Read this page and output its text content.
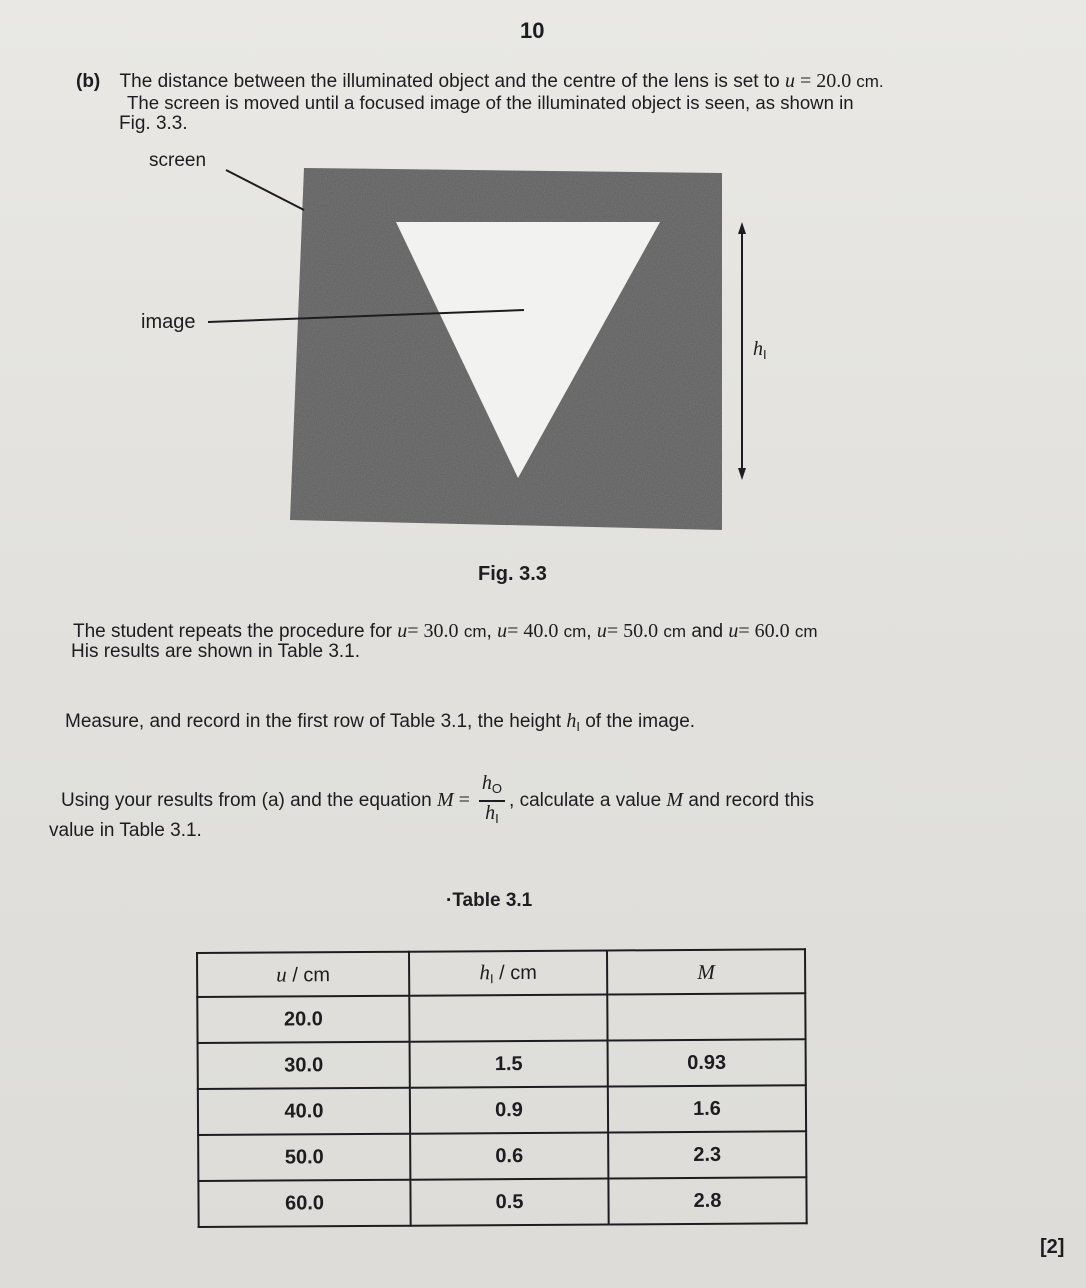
10
(b) The distance between the illuminated object and the centre of the lens is set to u = 20.0 cm.
The screen is moved until a focused image of the illuminated object is seen, as shown in
Fig. 3.3.
screen
image
$h_I$
Fig. 3.3
The student repeats the procedure for u= 30.0 cm, u= 40.0 cm, u= 50.0 cm and u= 60.0 cm
His results are shown in Table 3.1.
Measure, and record in the first row of Table 3.1, the height $h_I$ of the image.
Using your results from (a) and the equation $M = \frac{h_O}{h_I}$ , calculate a value M and record this
value in Table 3.1.
·Table 3.1
u / cm	$h_I$ / cm	M
20.0		
30.0	1.5	0.93
40.0	0.9	1.6
50.0	0.6	2.3
60.0	0.5	2.8
[2]
